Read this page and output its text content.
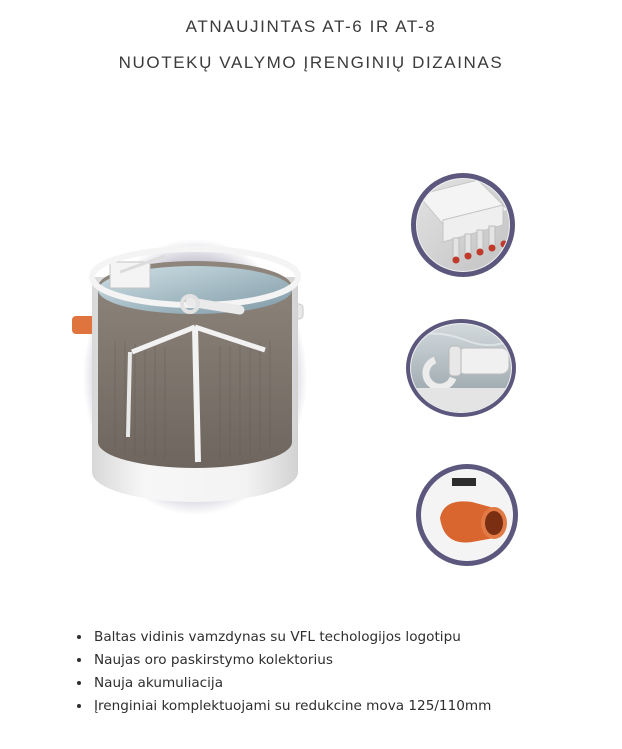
ATNAUJINTAS AT-6 IR AT-8
NUOTEKŲ VALYMO ĮRENGINIŲ DIZAINAS
• Baltas vidinis vamzdynas su VFL techologijos logotipu
• Naujas oro paskirstymo kolektorius
• Nauja akumuliacija
• Įrenginiai komplektuojami su redukcine mova 125/110mm
